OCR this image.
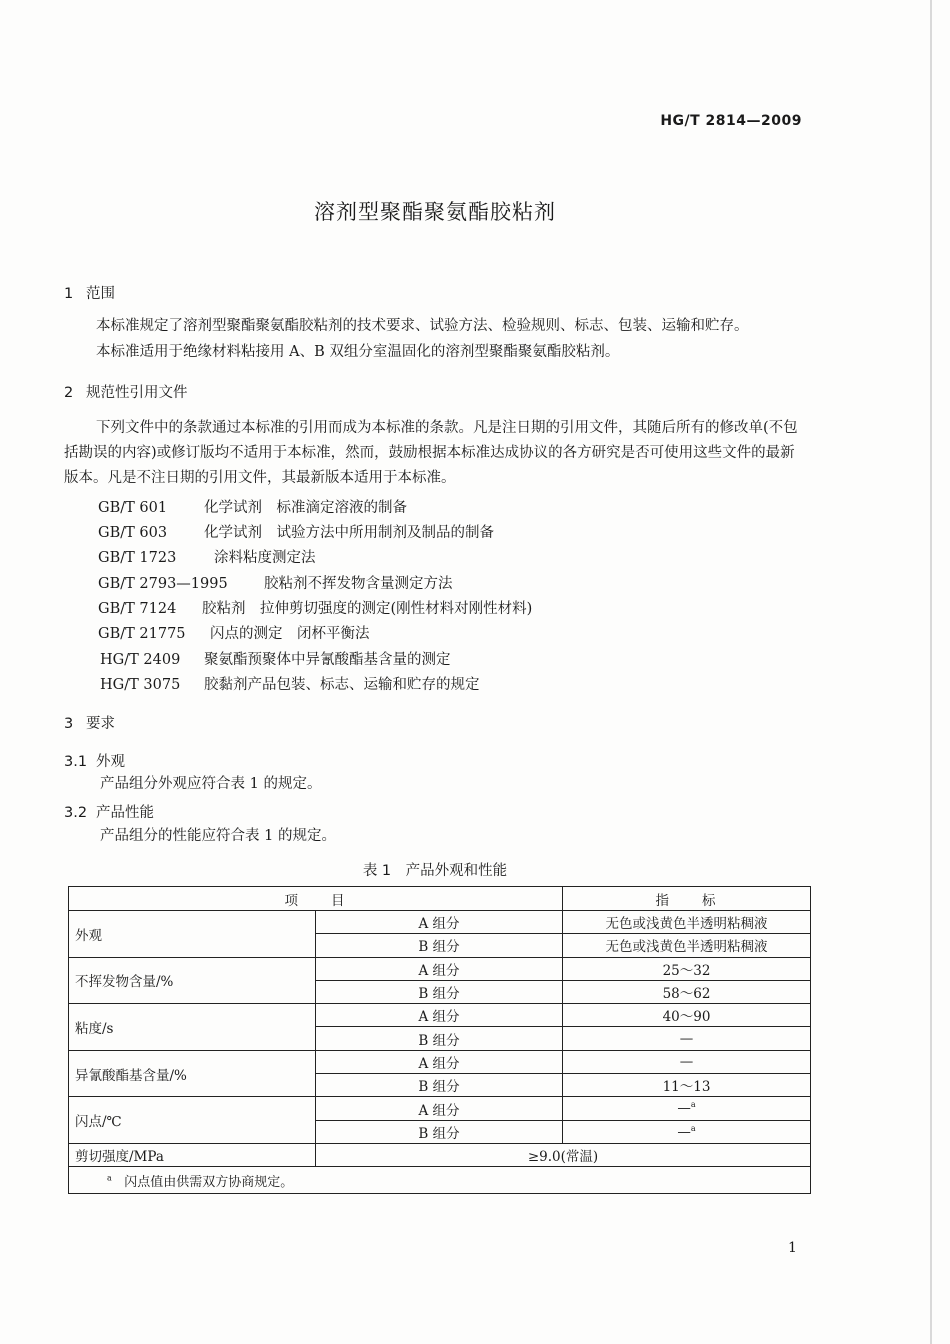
HG/T 2814—2009
溶剂型聚酯聚氨酯胶粘剂
1 范围
本标准规定了溶剂型聚酯聚氨酯胶粘剂的技术要求、试验方法、检验规则、标志、包装、运输和贮存。
本标准适用于绝缘材料粘接用 A、B 双组分室温固化的溶剂型聚酯聚氨酯胶粘剂。
2 规范性引用文件
下列文件中的条款通过本标准的引用而成为本标准的条款。凡是注日期的引用文件，其随后所有的修改单(不包括勘误的内容)或修订版均不适用于本标准，然而，鼓励根据本标准达成协议的各方研究是否可使用这些文件的最新版本。凡是不注日期的引用文件，其最新版本适用于本标准。
GB/T 601	化学试剂　标准滴定溶液的制备
GB/T 603	化学试剂　试验方法中所用制剂及制品的制备
GB/T 1723	涂料粘度测定法
GB/T 2793—1995	胶粘剂不挥发物含量测定方法
GB/T 7124 胶粘剂　拉伸剪切强度的测定(刚性材料对刚性材料)
GB/T 21775 闪点的测定　闭杯平衡法
HG/T 2409 聚氨酯预聚体中异氰酸酯基含量的测定
HG/T 3075 胶黏剂产品包装、标志、运输和贮存的规定
3 要求
3.1 外观
产品组分外观应符合表 1 的规定。
3.2 产品性能
产品组分的性能应符合表 1 的规定。
表 1　产品外观和性能
项　　目		指　　标
外观	A 组分	无色或浅黄色半透明粘稠液
	B 组分	无色或浅黄色半透明粘稠液
不挥发物含量/%	A 组分	25～32
	B 组分	58～62
粘度/s	A 组分	40～90
	B 组分	—
异氰酸酯基含量/%	A 组分	—
	B 组分	11～13
闪点/℃	A 组分	—$^a$
	B 组分	—$^a$
剪切强度/MPa	≥9.0(常温)	
$^a$ 闪点值由供需双方协商规定。		
1
